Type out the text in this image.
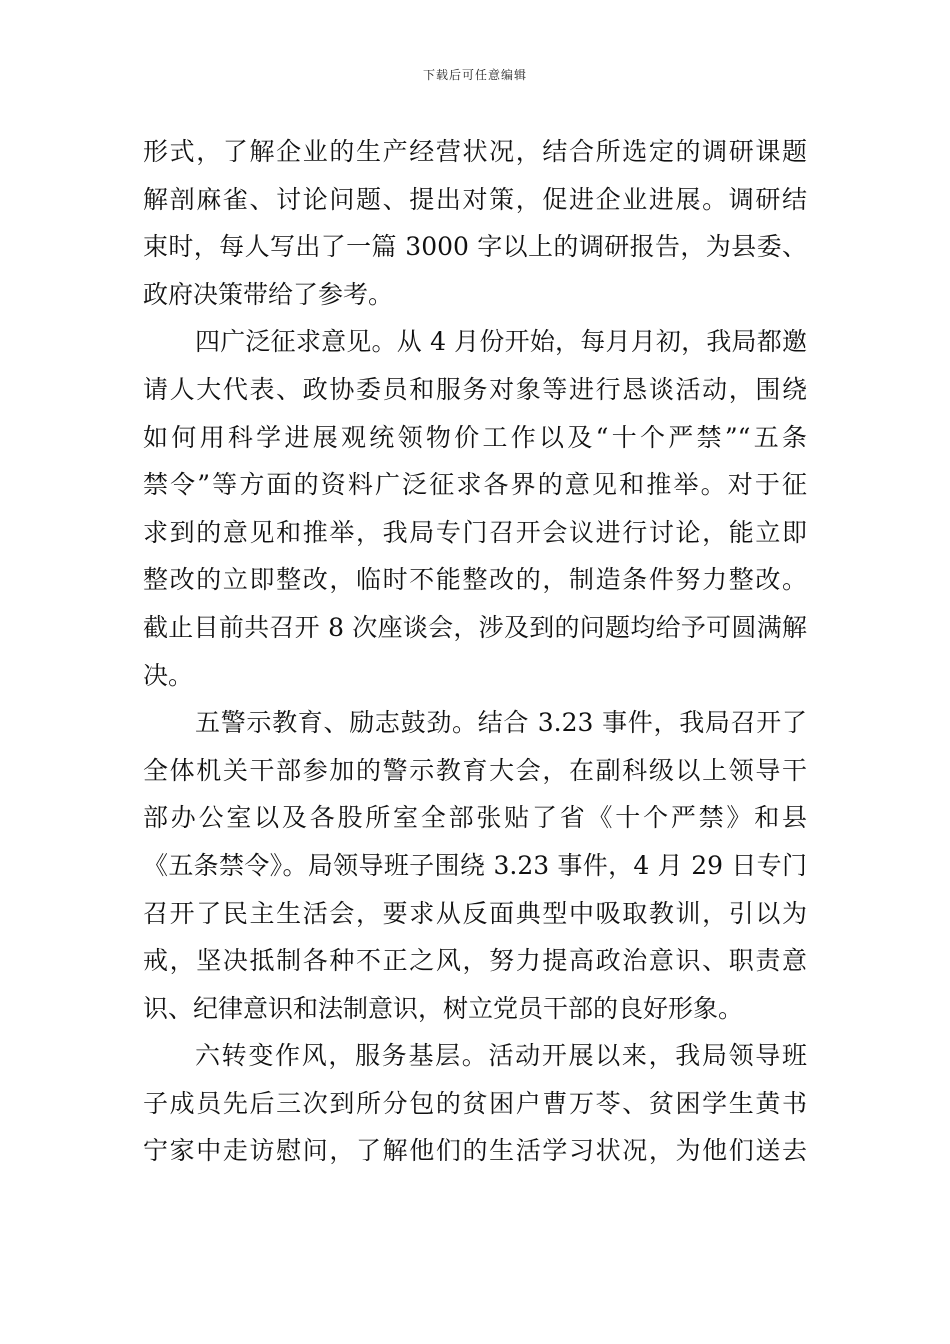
下载后可任意编辑
形式，了解企业的生产经营状况，结合所选定的调研课题
解剖麻雀、讨论问题、提出对策，促进企业进展。调研结
束时，每人写出了一篇 3000 字以上的调研报告，为县委、
政府决策带给了参考。
四广泛征求意见。从 4 月份开始，每月月初，我局都邀
请人大代表、政协委员和服务对象等进行恳谈活动，围绕
如何用科学进展观统领物价工作以及“十个严禁”“五条
禁令”等方面的资料广泛征求各界的意见和推举。对于征
求到的意见和推举，我局专门召开会议进行讨论，能立即
整改的立即整改，临时不能整改的，制造条件努力整改。
截止目前共召开 8 次座谈会，涉及到的问题均给予可圆满解
决。
五警示教育、励志鼓劲。结合 3.23 事件，我局召开了
全体机关干部参加的警示教育大会，在副科级以上领导干
部办公室以及各股所室全部张贴了省《十个严禁》和县
《五条禁令》。局领导班子围绕 3.23 事件，4 月 29 日专门
召开了民主生活会，要求从反面典型中吸取教训，引以为
戒，坚决抵制各种不正之风，努力提高政治意识、职责意
识、纪律意识和法制意识，树立党员干部的良好形象。
六转变作风，服务基层。活动开展以来，我局领导班
子成员先后三次到所分包的贫困户曹万苓、贫困学生黄书
宁家中走访慰问，了解他们的生活学习状况，为他们送去
